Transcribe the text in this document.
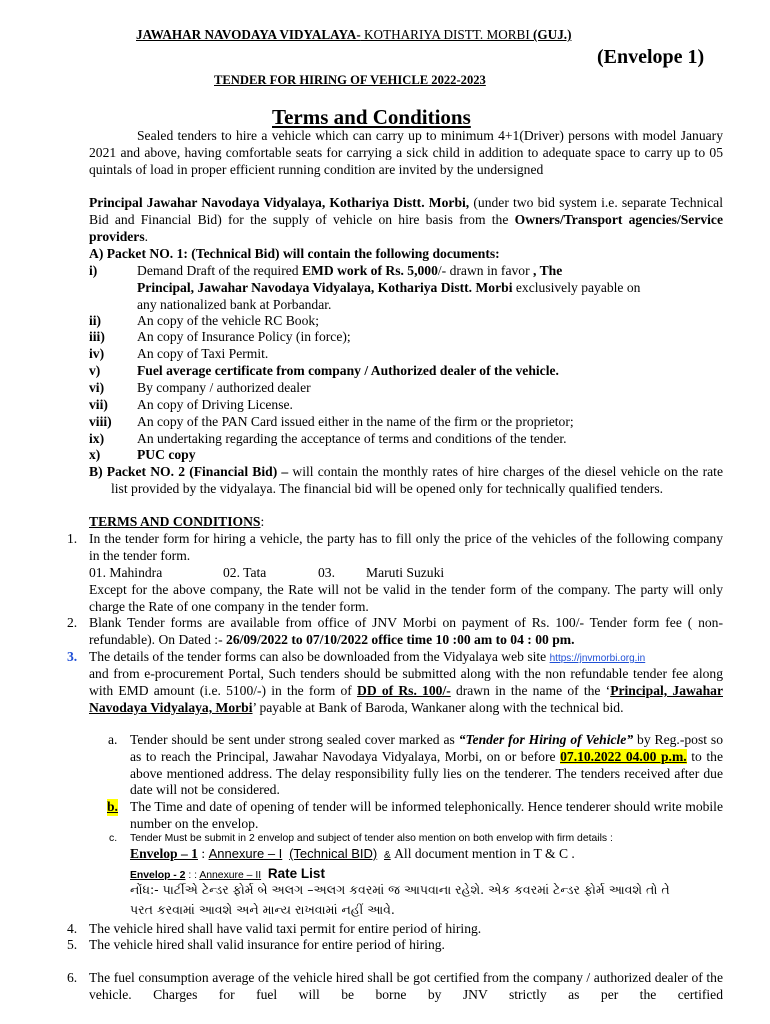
JAWAHAR NAVODAYA VIDYALAYA- KOTHARIYA DISTT. MORBI (GUJ.)
(Envelope 1)
TENDER FOR HIRING OF VEHICLE 2022-2023
Terms and Conditions
Sealed tenders to hire a vehicle which can carry up to minimum 4+1(Driver) persons with model January 2021 and above, having comfortable seats for carrying a sick child in addition to adequate space to carry up to 05 quintals of load in proper efficient running condition are invited by the undersigned
Principal Jawahar Navodaya Vidyalaya, Kothariya Distt. Morbi, (under two bid system i.e. separate Technical Bid and Financial Bid) for the supply of vehicle on hire basis from the Owners/Transport agencies/Service providers.
A) Packet NO. 1: (Technical Bid) will contain the following documents:
i)	Demand Draft of the required EMD work of Rs. 5,000/- drawn in favor , The
Principal, Jawahar Navodaya Vidyalaya, Kothariya Distt. Morbi exclusively payable on
any nationalized bank at Porbandar.
ii)	An copy of the vehicle RC Book;
iii) An copy of Insurance Policy (in force);
iv) An copy of Taxi Permit.
v)	Fuel average certificate from company / Authorized dealer of the vehicle.
vi) By company / authorized dealer
vii) An copy of Driving License.
viii) An copy of the PAN Card issued either in the name of the firm or the proprietor;
ix) An undertaking regarding the acceptance of terms and conditions of the tender.
x)	PUC copy
B) Packet NO. 2 (Financial Bid) – will contain the monthly rates of hire charges of the diesel vehicle on the rate list provided by the vidyalaya. The financial bid will be opened only for technically qualified tenders.
TERMS AND CONDITIONS:
1. In the tender form for hiring a vehicle, the party has to fill only the price of the vehicles of the following company in the tender form.
01. Mahindra	02. Tata	03. Maruti Suzuki
Except for the above company, the Rate will not be valid in the tender form of the company. The party will only charge the Rate of one company in the tender form.
2. Blank Tender forms are available from office of JNV Morbi on payment of Rs. 100/- Tender form fee ( non-refundable). On Dated :- 26/09/2022 to 07/10/2022 office time 10 :00 am to 04 : 00 pm.
3. The details of the tender forms can also be downloaded from the Vidyalaya web site https://jnvmorbi.org.in
and from e-procurement Portal, Such tenders should be submitted along with the non refundable tender fee along with EMD amount (i.e. 5100/-) in the form of DD of Rs. 100/- drawn in the name of the ‘Principal, Jawahar Navodaya Vidyalaya, Morbi’ payable at Bank of Baroda, Wankaner along with the technical bid.
a. Tender should be sent under strong sealed cover marked as “Tender for Hiring of Vehicle” by Reg.-post so as to reach the Principal, Jawahar Navodaya Vidyalaya, Morbi, on or before 07.10.2022 04.00 p.m. to the above mentioned address. The delay responsibility fully lies on the tenderer. The tenders received after due date will not be considered.
b. The Time and date of opening of tender will be informed telephonically. Hence tenderer should write mobile number on the envelop.
c. Tender Must be submit in 2 envelop and subject of tender also mention on both envelop with firm details :
Envelop – 1 : Annexure – I (Technical BID) & All document mention in T & C .
Envelop - 2 : : Annexure – II Rate List
નોંધ:- પાર્ટીએ ટેન્ડર ફોર્મ બે અલગ –અલગ કવરમાં જ આપવાના રહેશે. એક કવરમાં ટેન્ડર ફોર્મ આવશે તો તે
પરત કરવામાં આવશે અને માન્ય રાખવામાં નહીં આવે.
4. The vehicle hired shall have valid taxi permit for entire period of hiring.
5. The vehicle hired shall valid insurance for entire period of hiring.
6. The fuel consumption average of the vehicle hired shall be got certified from the company / authorized dealer of the vehicle. Charges for fuel will be borne by JNV strictly as per the certified
